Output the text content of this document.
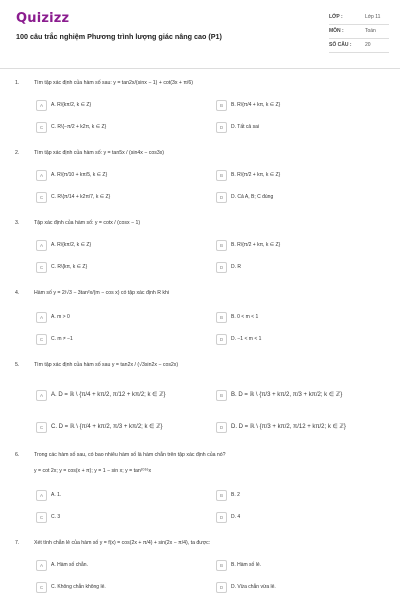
Quizizz
100 câu trắc nghiệm Phương trình lượng giác nâng cao (P1)
LỚP :	Lớp 11
MÔN :	Toán
SỐ CÂU :	20
1.	Tìm tập xác định của hàm số sau: y = tan2x/(sinx − 1) + cot(3x + π/6)
A	A. R\{kπ/2, k ∈ Z}	B	B. R\{π/4 + kπ, k ∈ Z}
C	C. R\{−π/2 + k2π, k ∈ Z}	D	D. Tất cả sai
2.	Tìm tập xác định của hàm số: y = tan5x / (sin4x − cos3x)
A	A. R\{π/10 + kπ/5, k ∈ Z}	B	B. R\{π/2 + kπ, k ∈ Z}
C	C. R\{π/14 + k2π/7, k ∈ Z}	D	D. Cả A, B; C đúng
3.	Tập xác định của hàm số: y = cotx / (cosx − 1)
A	A. R\{kπ/2, k ∈ Z}	B	B. R\{π/2 + kπ, k ∈ Z}
C	C. R\{kπ, k ∈ Z}	D	D. R
4.	Hàm số y = 2/√3 − 3tan²x/(m − cos x) có tập xác định R khi
A	A. m > 0	B	B. 0 < m < 1
C	C. m ≠ −1	D	D. −1 < m < 1
5.	Tìm tập xác định của hàm số sau y = tan2x / (√3sin2x − cos2x)
A	A. D = ℝ \ {π/4 + kπ/2, π/12 + kπ/2; k ∈ ℤ}	B	B. D = ℝ \ {π/3 + kπ/2, π/3 + kπ/2; k ∈ ℤ}
C	C. D = ℝ \ {π/4 + kπ/2, π/3 + kπ/2; k ∈ ℤ}	D	D. D = ℝ \ {π/3 + kπ/2, π/12 + kπ/2; k ∈ ℤ}
6.	Trong các hàm số sau, có bao nhiêu hàm số là hàm chẵn trên tập xác định của nó?
y = cot 2x; y = cos(x + π); y = 1 − sin x; y = tan²⁰¹⁶x
A	A. 1.	B	B. 2
C	C. 3	D	D. 4
7.	Xét tính chẵn lẻ của hàm số y = f(x) = cos(2x + π/4) + sin(2x − π/4), ta được:
A	A. Hàm số chẵn.	B	B. Hàm số lẻ.
C	C. Không chẵn không lẻ.	D	D. Vừa chẵn vừa lẻ.
